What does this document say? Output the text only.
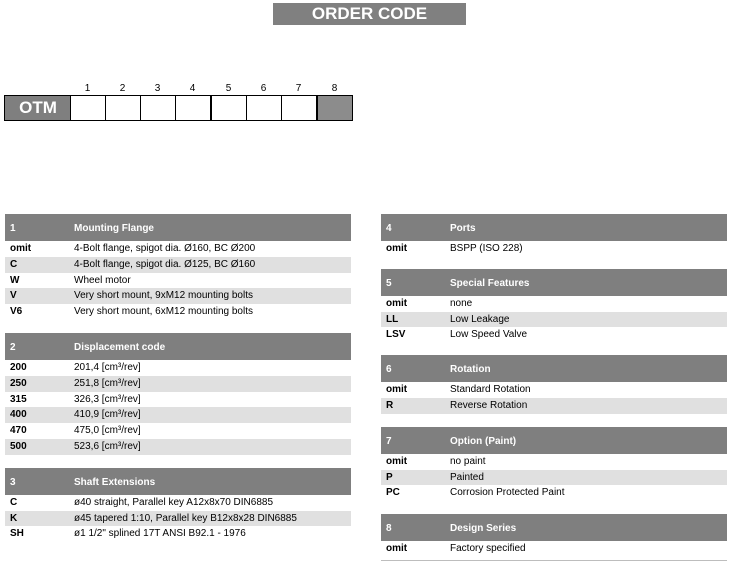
ORDER CODE
1	2	3	4	5	6	7	8
OTM
1	Mounting Flange
omit	4-Bolt flange, spigot dia. Ø160, BC Ø200
C	4-Bolt flange, spigot dia. Ø125, BC Ø160
W	Wheel motor
V	Very short mount, 9xM12 mounting bolts
V6	Very short mount, 6xM12 mounting bolts
2	Displacement code
200	201,4 [cm³/rev]
250	251,8 [cm³/rev]
315	326,3 [cm³/rev]
400	410,9 [cm³/rev]
470	475,0 [cm³/rev]
500	523,6 [cm³/rev]
3	Shaft Extensions
C	ø40 straight, Parallel key A12x8x70 DIN6885
K	ø45 tapered 1:10, Parallel key B12x8x28 DIN6885
SH	ø1 1/2" splined 17T ANSI B92.1 - 1976
4	Ports
omit	BSPP (ISO 228)
5	Special Features
omit	none
LL	Low Leakage
LSV	Low Speed Valve
6	Rotation
omit	Standard Rotation
R	Reverse Rotation
7	Option (Paint)
omit	no paint
P	Painted
PC	Corrosion Protected Paint
8	Design Series
omit	Factory specified
